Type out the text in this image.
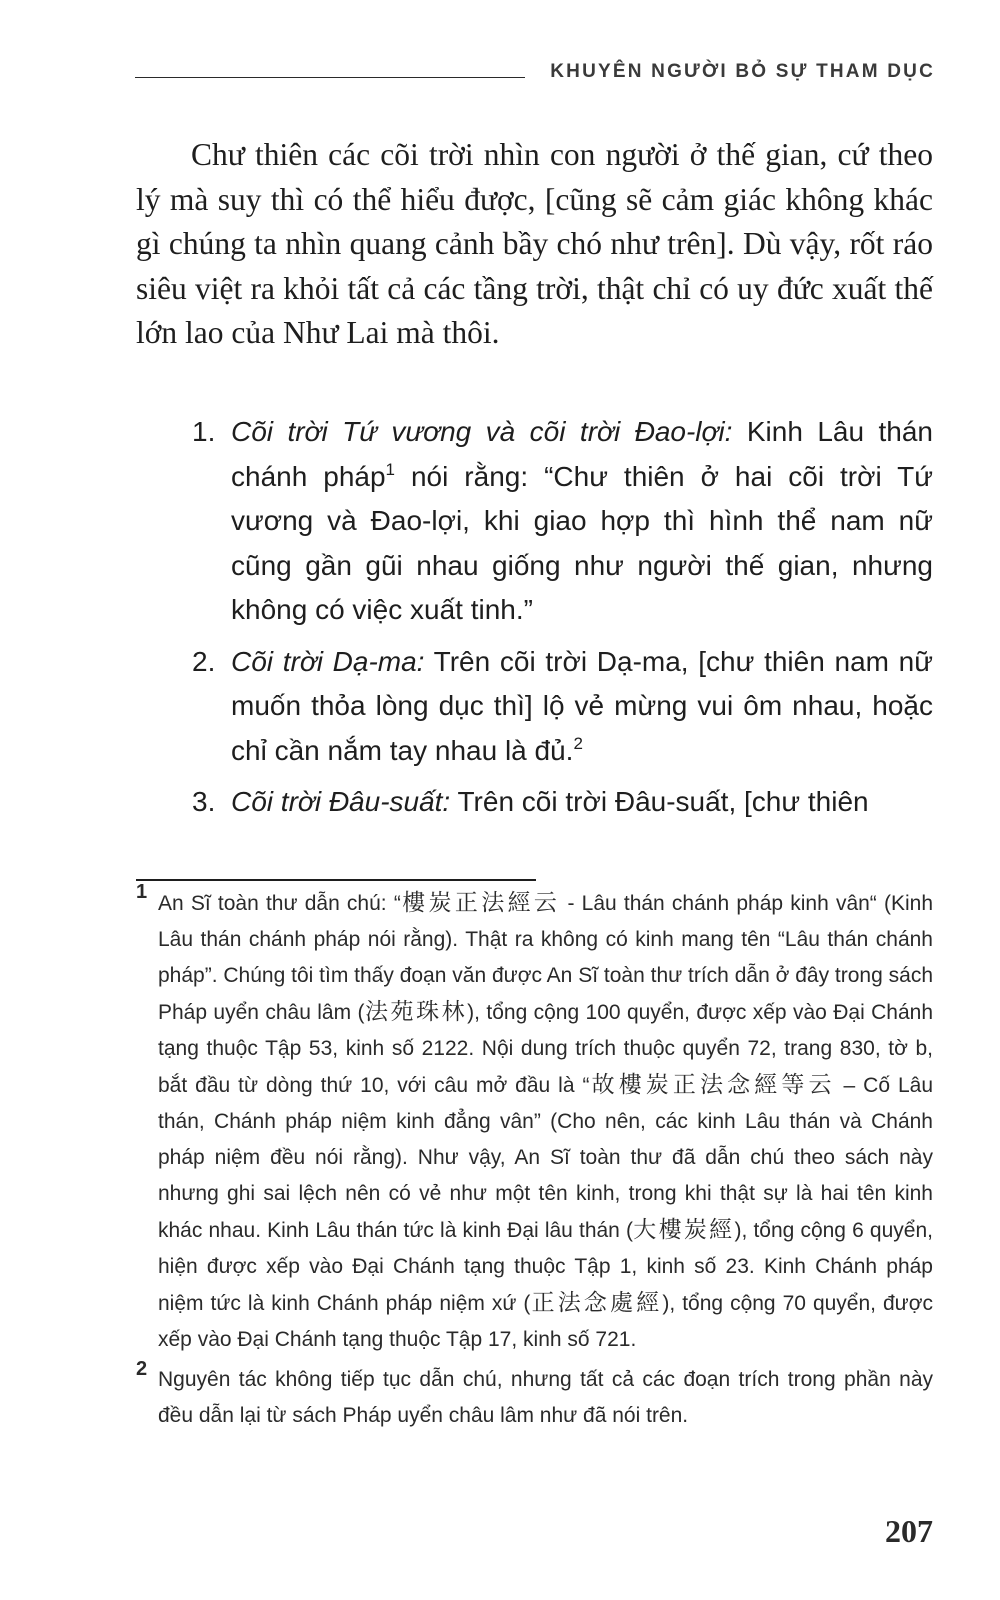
KHUYÊN NGƯỜI BỎ SỰ THAM DỤC

Chư thiên các cõi trời nhìn con người ở thế gian, cứ theo lý mà suy thì có thể hiểu được, [cũng sẽ cảm giác không khác gì chúng ta nhìn quang cảnh bầy chó như trên]. Dù vậy, rốt ráo siêu việt ra khỏi tất cả các tầng trời, thật chỉ có uy đức xuất thế lớn lao của Như Lai mà thôi.

1. Cõi trời Tứ vương và cõi trời Đao-lợi: Kinh Lâu thán chánh pháp$^1$ nói rằng: “Chư thiên ở hai cõi trời Tứ vương và Đao-lợi, khi giao hợp thì hình thể nam nữ cũng gần gũi nhau giống như người thế gian, nhưng không có việc xuất tinh.”
2. Cõi trời Dạ-ma: Trên cõi trời Dạ-ma, [chư thiên nam nữ muốn thỏa lòng dục thì] lộ vẻ mừng vui ôm nhau, hoặc chỉ cần nắm tay nhau là đủ.$^2$
3. Cõi trời Đâu-suất: Trên cõi trời Đâu-suất, [chư thiên

1 An Sĩ toàn thư dẫn chú: “樓炭正法經云 - Lâu thán chánh pháp kinh vân“ (Kinh Lâu thán chánh pháp nói rằng). Thật ra không có kinh mang tên “Lâu thán chánh pháp”. Chúng tôi tìm thấy đoạn văn được An Sĩ toàn thư trích dẫn ở đây trong sách Pháp uyển châu lâm (法苑珠林), tổng cộng 100 quyển, được xếp vào Đại Chánh tạng thuộc Tập 53, kinh số 2122. Nội dung trích thuộc quyển 72, trang 830, tờ b, bắt đầu từ dòng thứ 10, với câu mở đầu là “故樓炭正法念經等云 – Cố Lâu thán, Chánh pháp niệm kinh đẳng vân” (Cho nên, các kinh Lâu thán và Chánh pháp niệm đều nói rằng). Như vậy, An Sĩ toàn thư đã dẫn chú theo sách này nhưng ghi sai lệch nên có vẻ như một tên kinh, trong khi thật sự là hai tên kinh khác nhau. Kinh Lâu thán tức là kinh Đại lâu thán (大樓炭經), tổng cộng 6 quyển, hiện được xếp vào Đại Chánh tạng thuộc Tập 1, kinh số 23. Kinh Chánh pháp niệm tức là kinh Chánh pháp niệm xứ (正法念處經), tổng cộng 70 quyển, được xếp vào Đại Chánh tạng thuộc Tập 17, kinh số 721.

2 Nguyên tác không tiếp tục dẫn chú, nhưng tất cả các đoạn trích trong phần này đều dẫn lại từ sách Pháp uyển châu lâm như đã nói trên.

207
